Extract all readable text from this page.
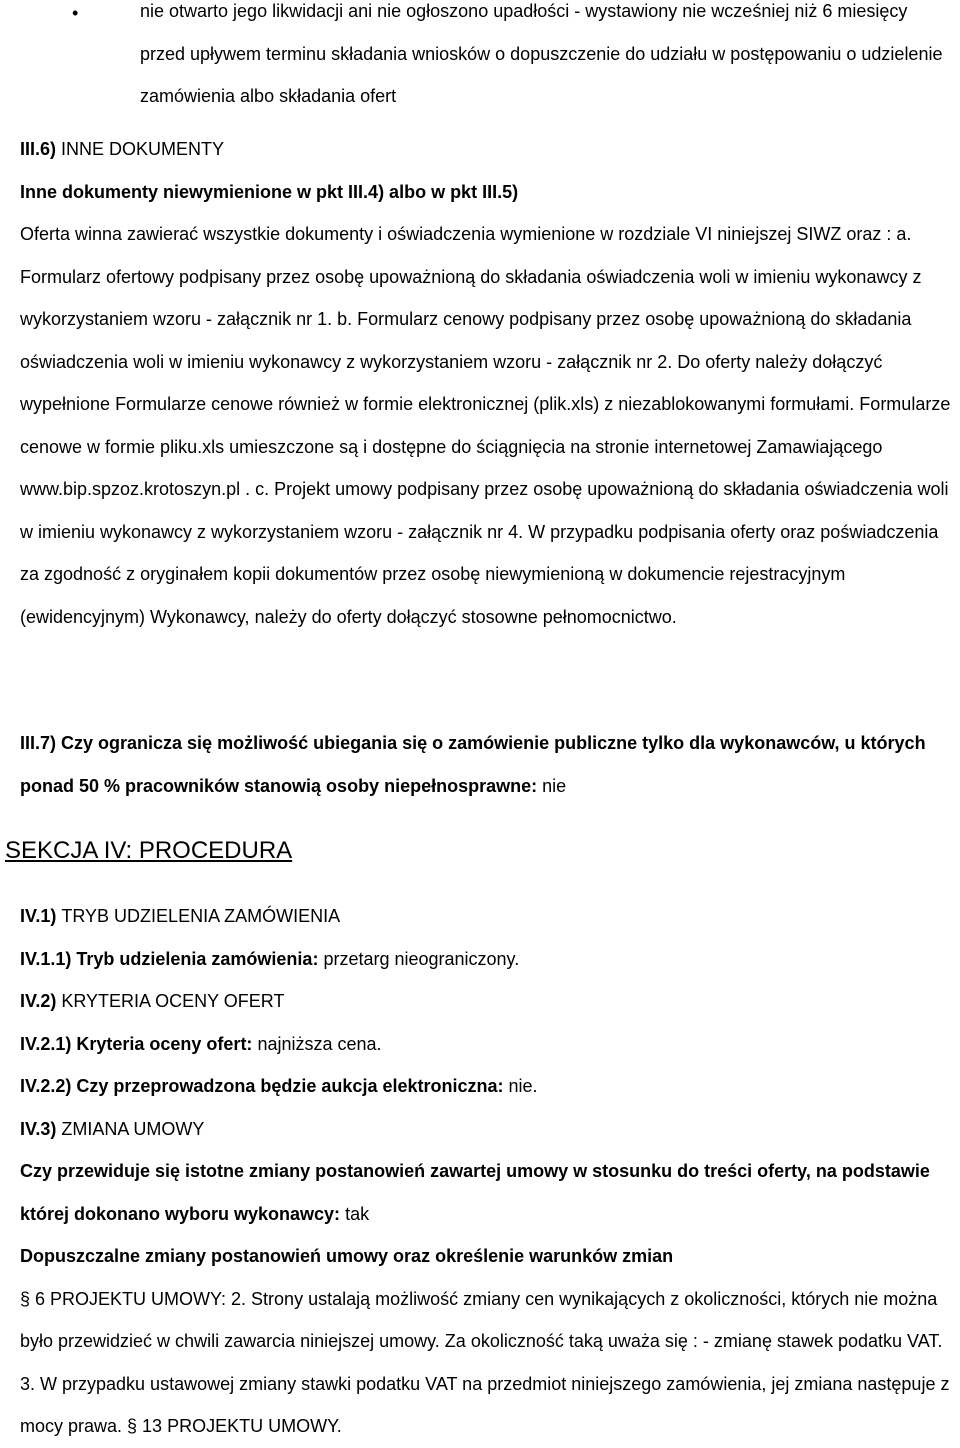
•	nie otwarto jego likwidacji ani nie ogłoszono upadłości - wystawiony nie wcześniej niż 6 miesięcy przed upływem terminu składania wniosków o dopuszczenie do udziału w postępowaniu o udzielenie zamówienia albo składania ofert
III.6) INNE DOKUMENTY
Inne dokumenty niewymienione w pkt III.4) albo w pkt III.5)
Oferta winna zawierać wszystkie dokumenty i oświadczenia wymienione w rozdziale VI niniejszej SIWZ oraz : a. Formularz ofertowy podpisany przez osobę upoważnioną do składania oświadczenia woli w imieniu wykonawcy z wykorzystaniem wzoru - załącznik nr 1. b. Formularz cenowy podpisany przez osobę upoważnioną do składania oświadczenia woli w imieniu wykonawcy z wykorzystaniem wzoru - załącznik nr 2. Do oferty należy dołączyć wypełnione Formularze cenowe również w formie elektronicznej (plik.xls) z niezablokowanymi formułami. Formularze cenowe w formie pliku.xls umieszczone są i dostępne do ściągnięcia na stronie internetowej Zamawiającego www.bip.spzoz.krotoszyn.pl . c. Projekt umowy podpisany przez osobę upoważnioną do składania oświadczenia woli w imieniu wykonawcy z wykorzystaniem wzoru - załącznik nr 4. W przypadku podpisania oferty oraz poświadczenia za zgodność z oryginałem kopii dokumentów przez osobę niewymienioną w dokumencie rejestracyjnym (ewidencyjnym) Wykonawcy, należy do oferty dołączyć stosowne pełnomocnictwo.
III.7) Czy ogranicza się możliwość ubiegania się o zamówienie publiczne tylko dla wykonawców, u których ponad 50 % pracowników stanowią osoby niepełnosprawne: nie
SEKCJA IV: PROCEDURA

IV.1) TRYB UDZIELENIA ZAMÓWIENIA

IV.1.1) Tryb udzielenia zamówienia: przetarg nieograniczony.

IV.2) KRYTERIA OCENY OFERT

IV.2.1) Kryteria oceny ofert: najniższa cena.

IV.2.2) Czy przeprowadzona będzie aukcja elektroniczna: nie.

IV.3) ZMIANA UMOWY

Czy przewiduje się istotne zmiany postanowień zawartej umowy w stosunku do treści oferty, na podstawie której dokonano wyboru wykonawcy: tak

Dopuszczalne zmiany postanowień umowy oraz określenie warunków zmian

§ 6 PROJEKTU UMOWY: 2. Strony ustalają możliwość zmiany cen wynikających z okoliczności, których nie można było przewidzieć w chwili zawarcia niniejszej umowy. Za okoliczność taką uważa się : - zmianę stawek podatku VAT. 3. W przypadku ustawowej zmiany stawki podatku VAT na przedmiot niniejszego zamówienia, jej zmiana następuje z mocy prawa. § 13 PROJEKTU UMOWY.
